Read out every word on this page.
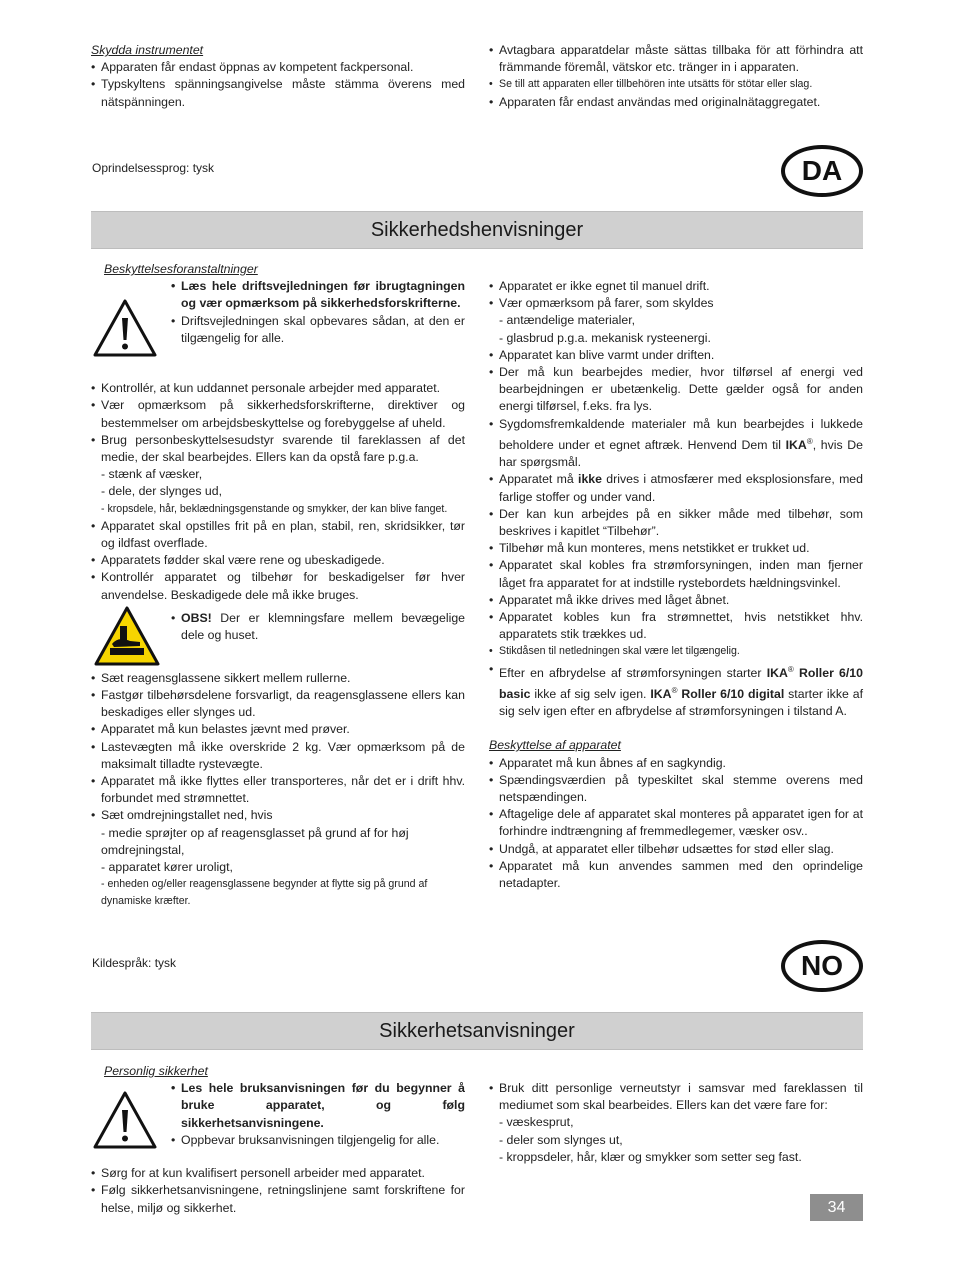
Skydda instrumentet

• Apparaten får endast öppnas av kompetent fackpersonal.

• Typskyltens spänningsangivelse måste stämma överens med nätspänningen.

• Avtagbara apparatdelar måste sättas tillbaka för att förhindra att främmande föremål, vätskor etc. tränger in i apparaten.

• Se till att apparaten eller tillbehören inte utsätts för stötar eller slag.

• Apparaten får endast användas med originalnätaggregatet.

Oprindelsessprog: tysk	DA
Sikkerhedshenvisninger

Beskyttelsesforanstaltninger

• Læs hele driftsvejledningen før ibrugtagningen og vær opmærksom på sikkerhedsforskrifterne.

• Driftsvejledningen skal opbevares sådan, at den er tilgængelig for alle.

• Kontrollér, at kun uddannet personale arbejder med apparatet.

• Vær opmærksom på sikkerhedsforskrifterne, direktiver og bestemmelser om arbejdsbeskyttelse og forebyggelse af uheld.

• Brug personbeskyttelsesudstyr svarende til fareklassen af det medie, der skal bearbejdes. Ellers kan da opstå fare p.g.a.

- stænk af væsker,

- dele, der slynges ud,

- kropsdele, hår, beklædningsgenstande og smykker, der kan blive fanget.

• Apparatet skal opstilles frit på en plan, stabil, ren, skridsikker, tør og ildfast overflade.

• Apparatets fødder skal være rene og ubeskadigede.

• Kontrollér apparatet og tilbehør for beskadigelser før hver anvendelse. Beskadigede dele må ikke bruges.

• OBS! Der er klemningsfare mellem bevægelige dele og huset.

• Sæt reagensglassene sikkert mellem rullerne.

• Fastgør tilbehørsdelene forsvarligt, da reagensglassene ellers kan beskadiges eller slynges ud.

• Apparatet må kun belastes jævnt med prøver.

• Lastevægten må ikke overskride 2 kg. Vær opmærksom på de maksimalt tilladte rystevægte.

• Apparatet må ikke flyttes eller transporteres, når det er i drift hhv. forbundet med strømnettet.

• Sæt omdrejningstallet ned, hvis

- medie sprøjter op af reagensglasset på grund af for høj omdrejningstal,

- apparatet kører uroligt,

- enheden og/eller reagensglassene begynder at flytte sig på grund af dynamiske kræfter.

• Apparatet er ikke egnet til manuel drift.

• Vær opmærksom på farer, som skyldes

- antændelige materialer,

- glasbrud p.g.a. mekanisk rysteenergi.

• Apparatet kan blive varmt under driften.

• Der må kun bearbejdes medier, hvor tilførsel af energi ved bearbejdningen er ubetænkelig. Dette gælder også for anden energi tilførsel, f.eks. fra lys.

• Sygdomsfremkaldende materialer må kun bearbejdes i lukkede beholdere under et egnet aftræk. Henvend Dem til IKA®, hvis De har spørgsmål.

• Apparatet må ikke drives i atmosfærer med eksplosionsfare, med farlige stoffer og under vand.

• Der kan kun arbejdes på en sikker måde med tilbehør, som beskrives i kapitlet “Tilbehør”.

• Tilbehør må kun monteres, mens netstikket er trukket ud.

• Apparatet skal kobles fra strømforsyningen, inden man fjerner låget fra apparatet for at indstille rystebordets hældningsvinkel.

• Apparatet må ikke drives med låget åbnet.

• Apparatet kobles kun fra strømnettet, hvis netstikket hhv. apparatets stik trækkes ud.

• Stikdåsen til netledningen skal være let tilgængelig.

• Efter en afbrydelse af strømforsyningen starter IKA® Roller 6/10 basic ikke af sig selv igen. IKA® Roller 6/10 digital starter ikke af sig selv igen efter en afbrydelse af strømforsyningen i tilstand A.

Beskyttelse af apparatet

• Apparatet må kun åbnes af en sagkyndig.

• Spændingsværdien på typeskiltet skal stemme overens med netspændingen.

• Aftagelige dele af apparatet skal monteres på apparatet igen for at forhindre indtrængning af fremmedlegemer, væsker osv..

• Undgå, at apparatet eller tilbehør udsættes for stød eller slag.

• Apparatet må kun anvendes sammen med den oprindelige netadapter.

Kildespråk: tysk	NO
Sikkerhetsanvisninger

Personlig sikkerhet

• Les hele bruksanvisningen før du begynner å bruke apparatet, og følg sikkerhetsanvisningene.

• Oppbevar bruksanvisningen tilgjengelig for alle.

• Sørg for at kun kvalifisert personell arbeider med apparatet.

• Følg sikkerhetsanvisningene, retningslinjene samt forskriftene for helse, miljø og sikkerhet.

• Bruk ditt personlige verneutstyr i samsvar med fareklassen til mediumet som skal bearbeides. Ellers kan det være fare for:

- væskesprut,

- deler som slynges ut,

- kroppsdeler, hår, klær og smykker som setter seg fast.

34
